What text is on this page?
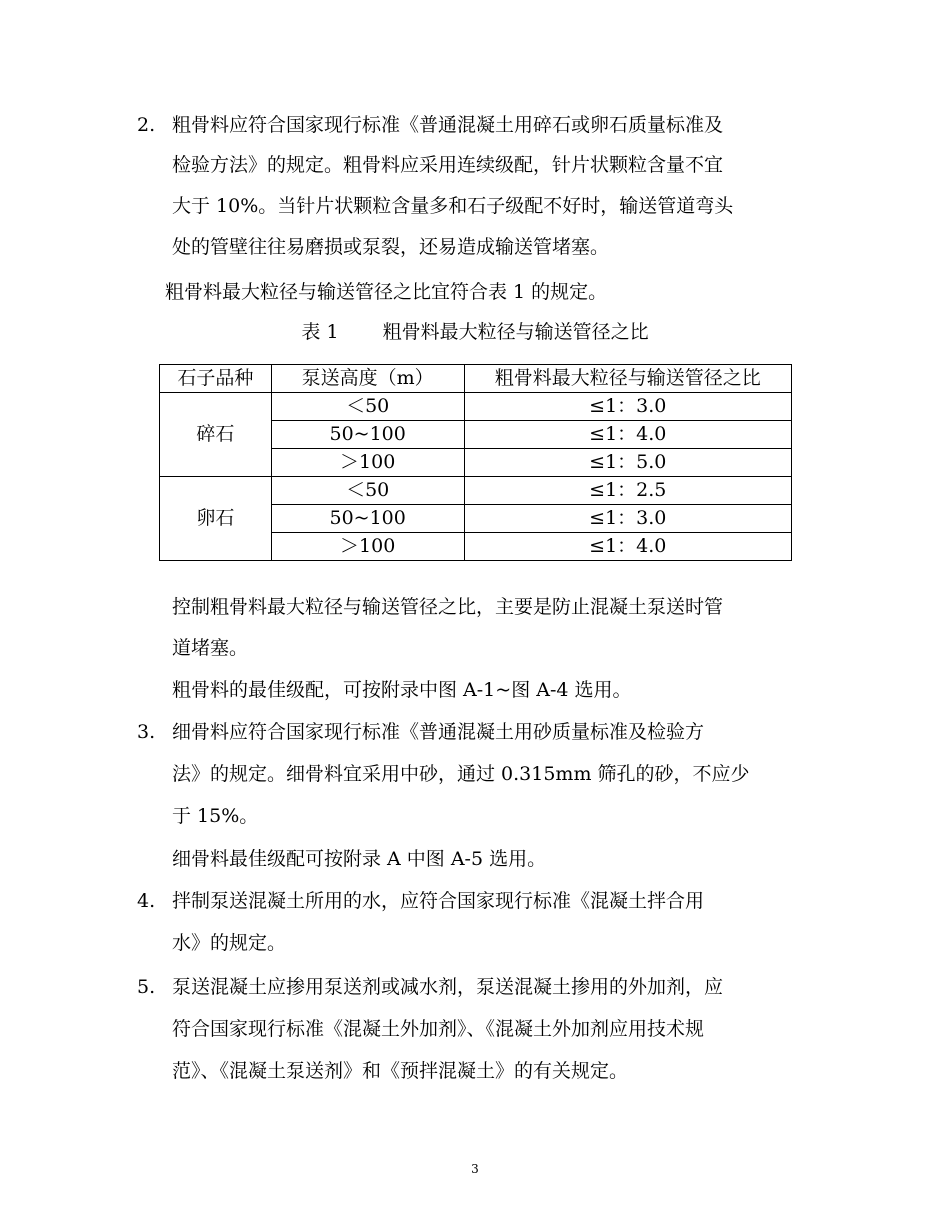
2. 粗骨料应符合国家现行标准《普通混凝土用碎石或卵石质量标准及
检验方法》的规定。粗骨料应采用连续级配，针片状颗粒含量不宜
大于 10%。当针片状颗粒含量多和石子级配不好时，输送管道弯头
处的管壁往往易磨损或泵裂，还易造成输送管堵塞。
粗骨料最大粒径与输送管径之比宜符合表 1 的规定。
表 1 粗骨料最大粒径与输送管径之比
石子品种	泵送高度（m）	粗骨料最大粒径与输送管径之比
碎石	＜50	≤1：3.0
	50~100	≤1：4.0
	＞100	≤1：5.0
卵石	＜50	≤1：2.5
	50~100	≤1：3.0
	＞100	≤1：4.0
控制粗骨料最大粒径与输送管径之比，主要是防止混凝土泵送时管
道堵塞。
粗骨料的最佳级配，可按附录中图 A-1~图 A-4 选用。
3. 细骨料应符合国家现行标准《普通混凝土用砂质量标准及检验方
法》的规定。细骨料宜采用中砂，通过 0.315mm 筛孔的砂，不应少
于 15%。
细骨料最佳级配可按附录 A 中图 A-5 选用。
4. 拌制泵送混凝土所用的水，应符合国家现行标准《混凝土拌合用
水》的规定。
5. 泵送混凝土应掺用泵送剂或减水剂，泵送混凝土掺用的外加剂，应
符合国家现行标准《混凝土外加剂》、《混凝土外加剂应用技术规
范》、《混凝土泵送剂》和《预拌混凝土》的有关规定。
3
